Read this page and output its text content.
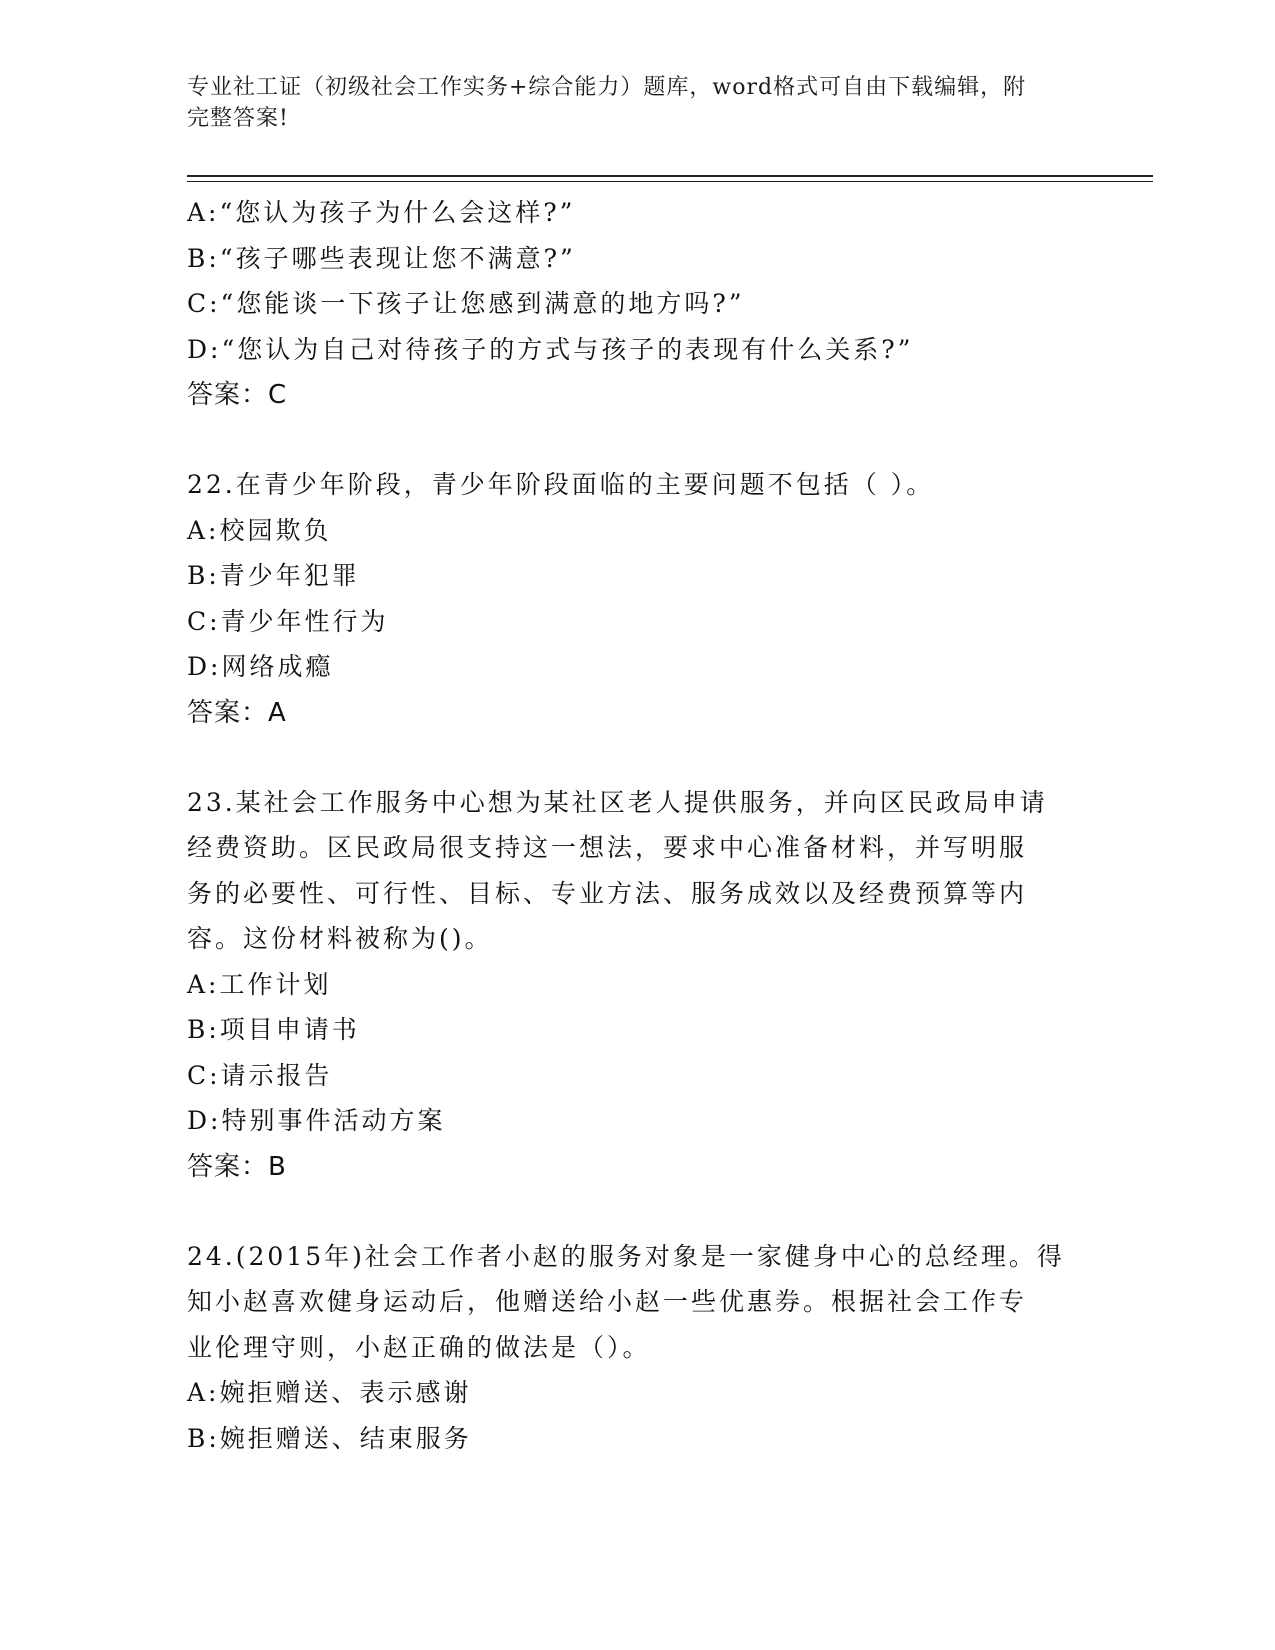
专业社工证（初级社会工作实务+综合能力）题库，word格式可自由下载编辑，附
完整答案!
A:“您认为孩子为什么会这样?”
B:“孩子哪些表现让您不满意?”
C:“您能谈一下孩子让您感到满意的地方吗?”
D:“您认为自己对待孩子的方式与孩子的表现有什么关系?”
答案：C
22.在青少年阶段，青少年阶段面临的主要问题不包括（ ）。
A:校园欺负
B:青少年犯罪
C:青少年性行为
D:网络成瘾
答案：A
23.某社会工作服务中心想为某社区老人提供服务，并向区民政局申请
经费资助。区民政局很支持这一想法，要求中心准备材料，并写明服
务的必要性、可行性、目标、专业方法、服务成效以及经费预算等内
容。这份材料被称为()。
A:工作计划
B:项目申请书
C:请示报告
D:特别事件活动方案
答案：B
24.(2015年)社会工作者小赵的服务对象是一家健身中心的总经理。得
知小赵喜欢健身运动后，他赠送给小赵一些优惠券。根据社会工作专
业伦理守则，小赵正确的做法是（）。
A:婉拒赠送、表示感谢
B:婉拒赠送、结束服务
